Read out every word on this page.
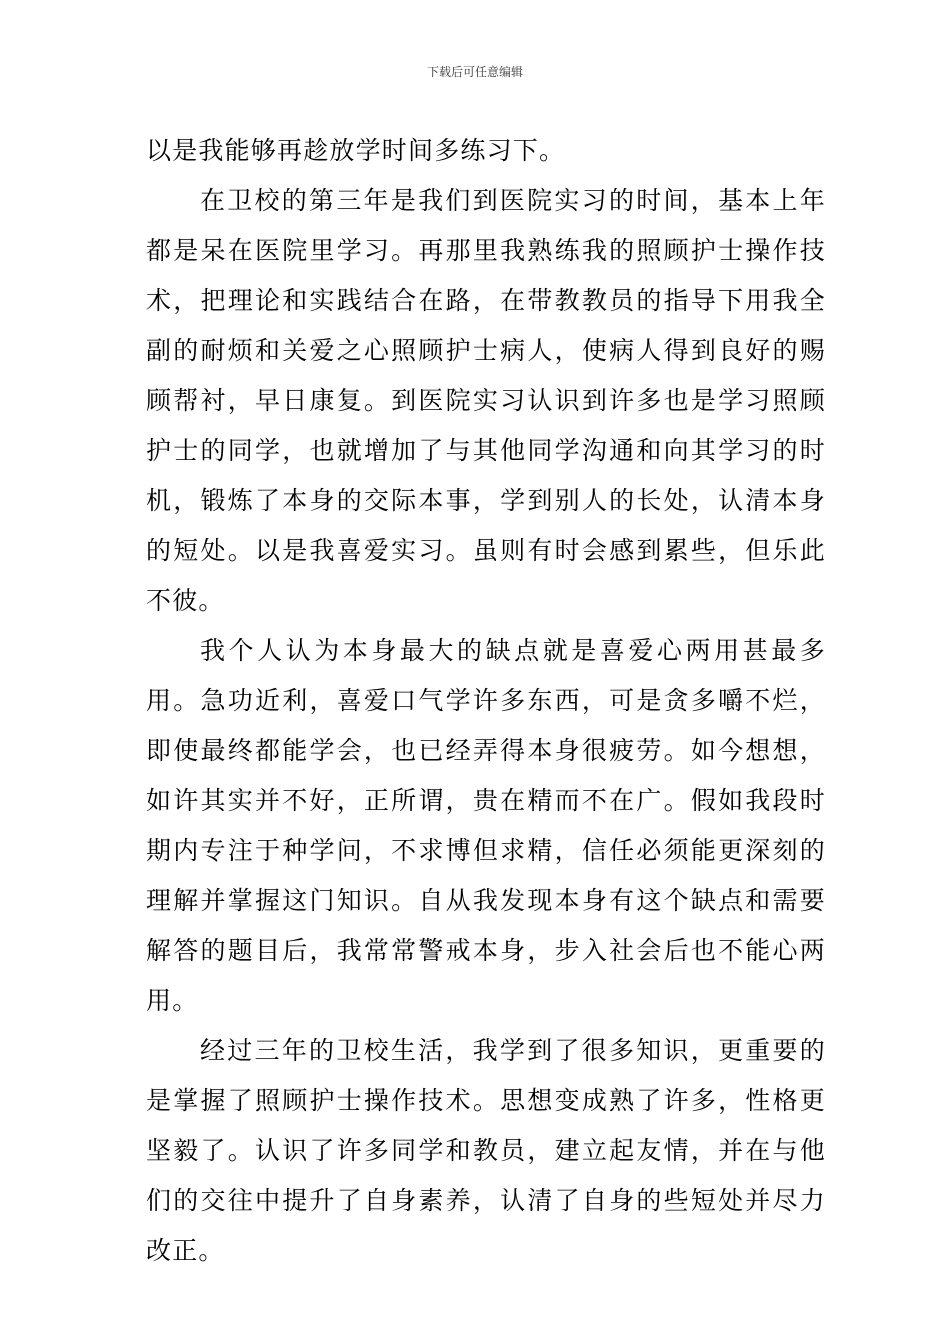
下载后可任意编辑

以是我能够再趁放学时间多练习下。

在卫校的第三年是我们到医院实习的时间，基本上年都是呆在医院里学习。再那里我熟练我的照顾护士操作技术，把理论和实践结合在路，在带教教员的指导下用我全副的耐烦和关爱之心照顾护士病人，使病人得到良好的赐顾帮衬，早日康复。到医院实习认识到许多也是学习照顾护士的同学，也就增加了与其他同学沟通和向其学习的时机，锻炼了本身的交际本事，学到别人的长处，认清本身的短处。以是我喜爱实习。虽则有时会感到累些，但乐此不彼。

我个人认为本身最大的缺点就是喜爱心两用甚最多用。急功近利，喜爱口气学许多东西，可是贪多嚼不烂，即使最终都能学会，也已经弄得本身很疲劳。如今想想，如许其实并不好，正所谓，贵在精而不在广。假如我段时期内专注于种学问，不求博但求精，信任必须能更深刻的理解并掌握这门知识。自从我发现本身有这个缺点和需要解答的题目后，我常常警戒本身，步入社会后也不能心两用。

经过三年的卫校生活，我学到了很多知识，更重要的是掌握了照顾护士操作技术。思想变成熟了许多，性格更坚毅了。认识了许多同学和教员，建立起友情，并在与他们的交往中提升了自身素养，认清了自身的些短处并尽力改正。
